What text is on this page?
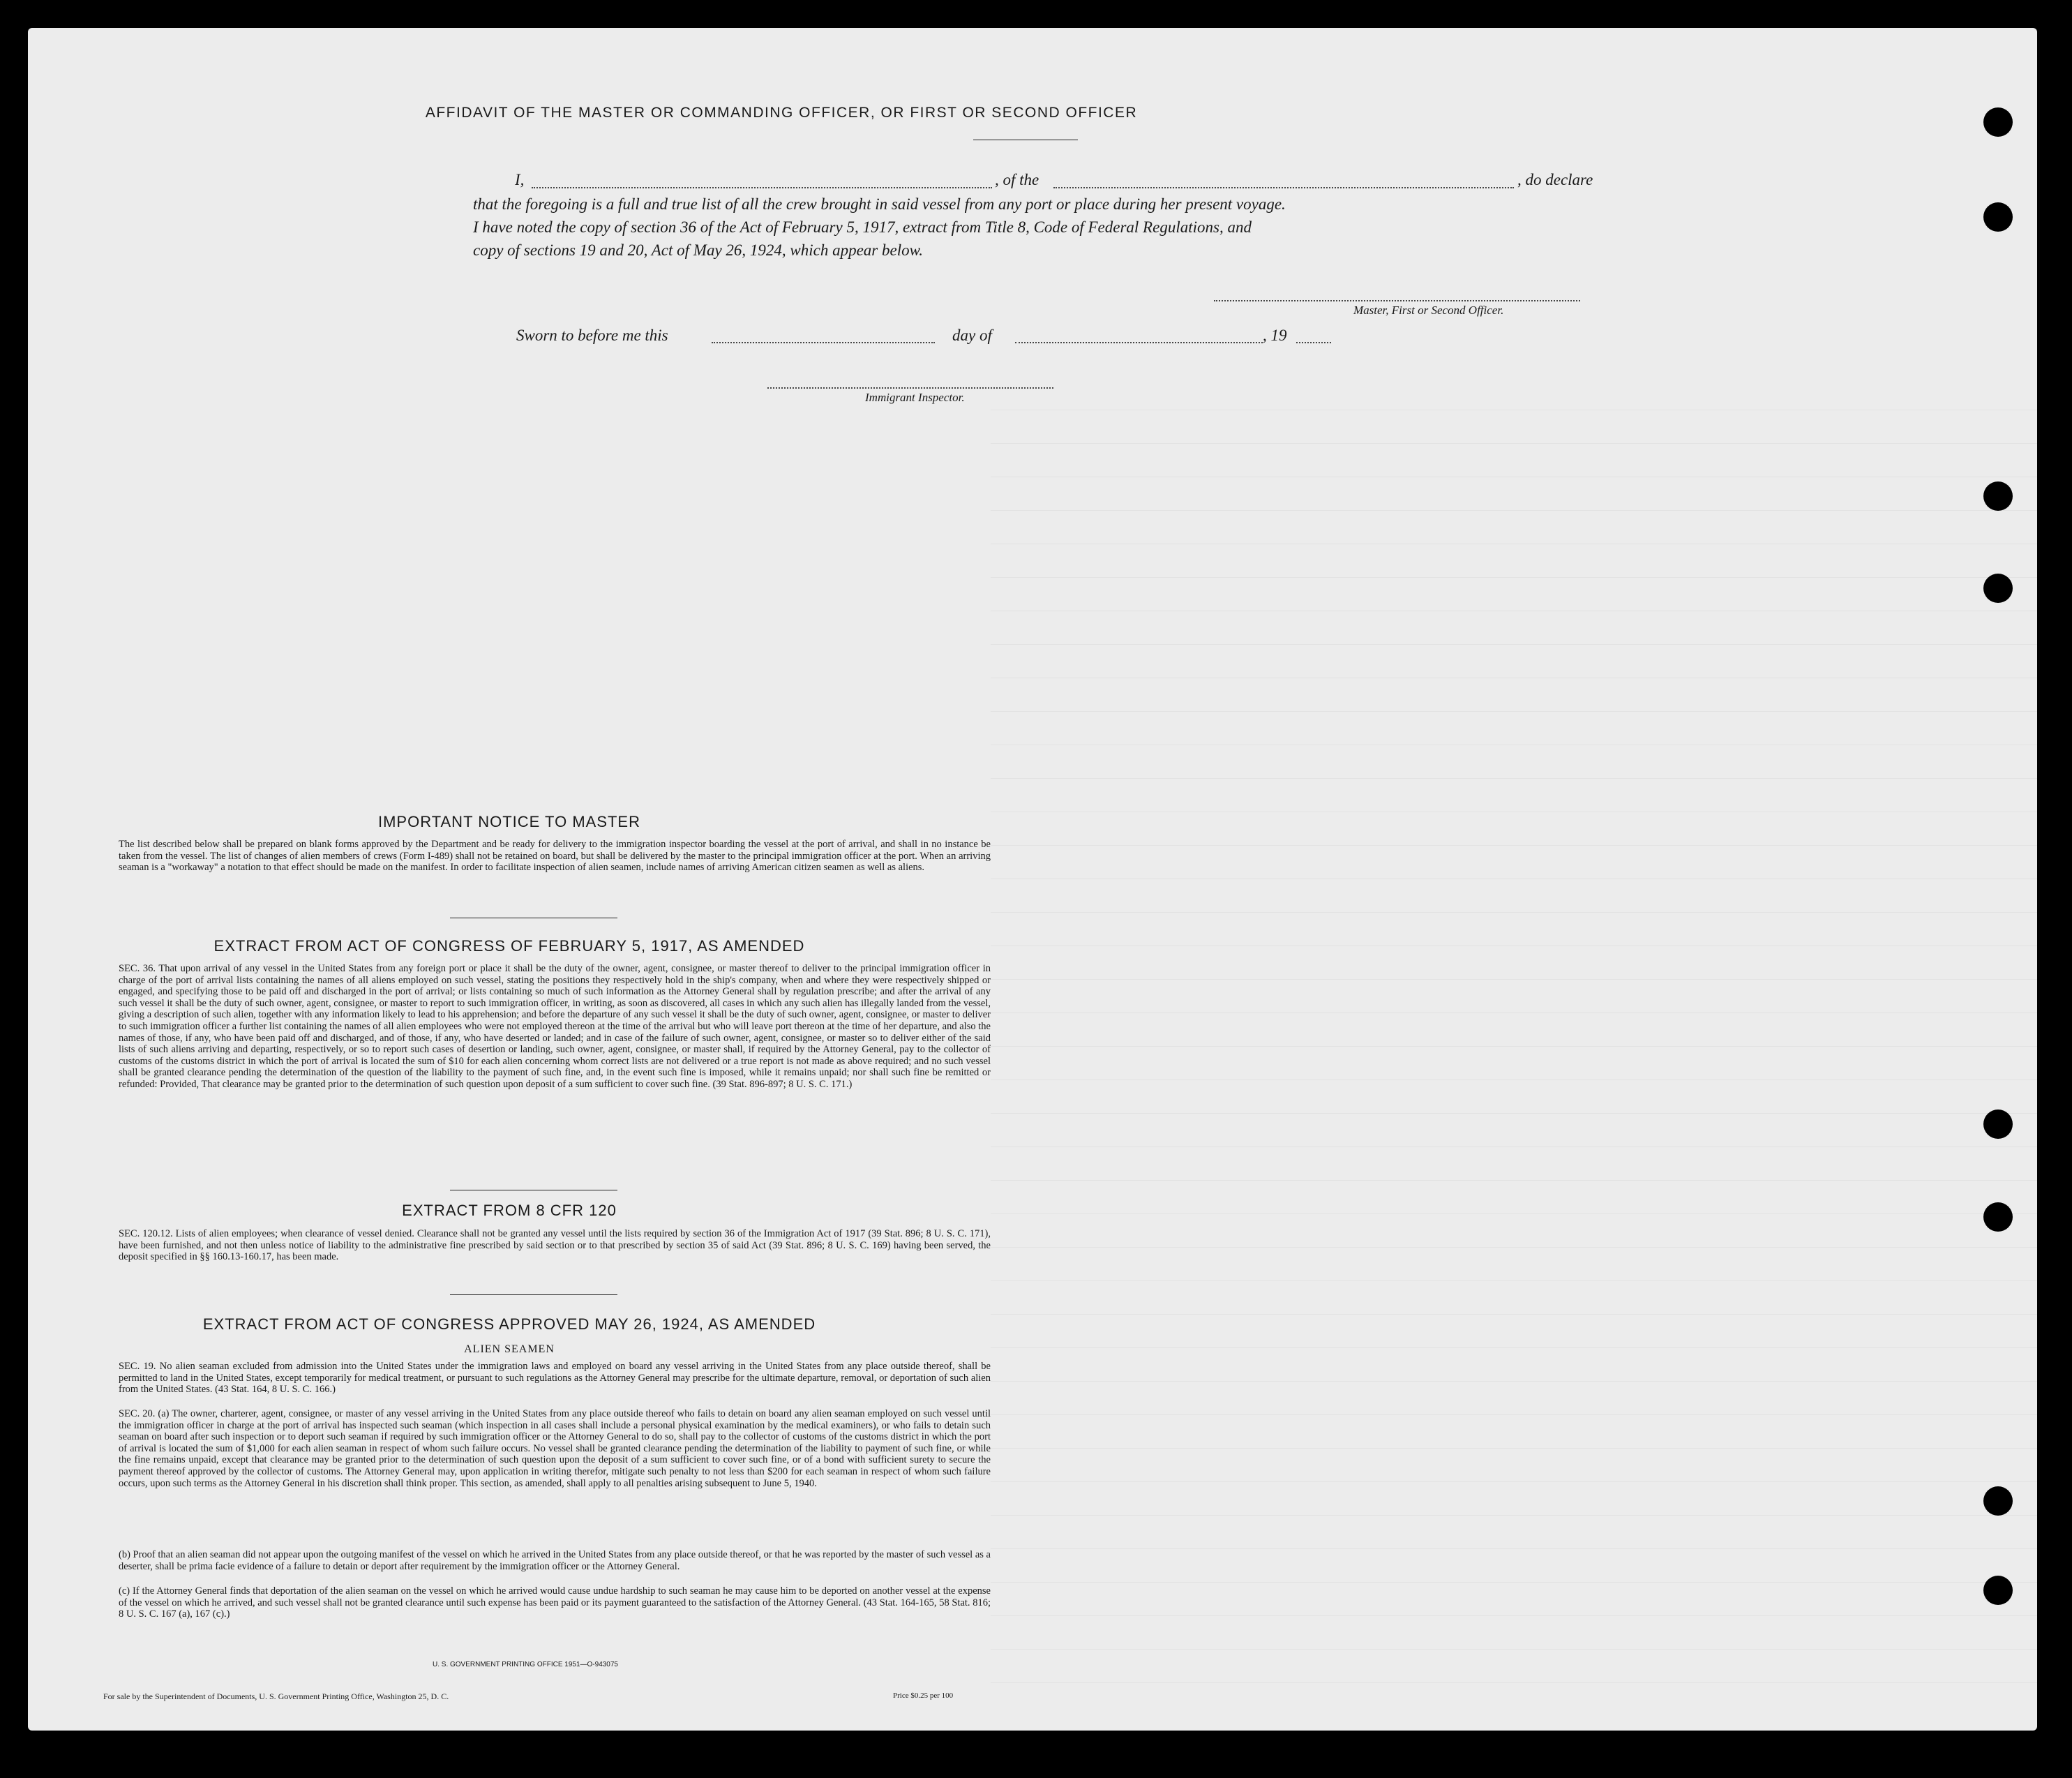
AFFIDAVIT OF THE MASTER OR COMMANDING OFFICER, OR FIRST OR SECOND OFFICER
I,	, of the	, do declare
that the foregoing is a full and true list of all the crew brought in said vessel from any port or place during her present voyage.
I have noted the copy of section 36 of the Act of February 5, 1917, extract from Title 8, Code of Federal Regulations, and
copy of sections 19 and 20, Act of May 26, 1924, which appear below.
Master, First or Second Officer.
Sworn to before me this	day of	, 19
Immigrant Inspector.
IMPORTANT NOTICE TO MASTER
The list described below shall be prepared on blank forms approved by the Department and be ready for delivery to the immigration inspector boarding the vessel at the port of arrival, and shall in no instance be taken from the vessel. The list of changes of alien members of crews (Form I-489) shall not be retained on board, but shall be delivered by the master to the principal immigration officer at the port. When an arriving seaman is a "workaway" a notation to that effect should be made on the manifest. In order to facilitate inspection of alien seamen, include names of arriving American citizen seamen as well as aliens.
EXTRACT FROM ACT OF CONGRESS OF FEBRUARY 5, 1917, AS AMENDED
SEC. 36. That upon arrival of any vessel in the United States from any foreign port or place it shall be the duty of the owner, agent, consignee, or master thereof to deliver to the principal immigration officer in charge of the port of arrival lists containing the names of all aliens employed on such vessel, stating the positions they respectively hold in the ship's company, when and where they were respectively shipped or engaged, and specifying those to be paid off and discharged in the port of arrival; or lists containing so much of such information as the Attorney General shall by regulation prescribe; and after the arrival of any such vessel it shall be the duty of such owner, agent, consignee, or master to report to such immigration officer, in writing, as soon as discovered, all cases in which any such alien has illegally landed from the vessel, giving a description of such alien, together with any information likely to lead to his apprehension; and before the departure of any such vessel it shall be the duty of such owner, agent, consignee, or master to deliver to such immigration officer a further list containing the names of all alien employees who were not employed thereon at the time of the arrival but who will leave port thereon at the time of her departure, and also the names of those, if any, who have been paid off and discharged, and of those, if any, who have deserted or landed; and in case of the failure of such owner, agent, consignee, or master so to deliver either of the said lists of such aliens arriving and departing, respectively, or so to report such cases of desertion or landing, such owner, agent, consignee, or master shall, if required by the Attorney General, pay to the collector of customs of the customs district in which the port of arrival is located the sum of $10 for each alien concerning whom correct lists are not delivered or a true report is not made as above required; and no such vessel shall be granted clearance pending the determination of the question of the liability to the payment of such fine, and, in the event such fine is imposed, while it remains unpaid; nor shall such fine be remitted or refunded: Provided, That clearance may be granted prior to the determination of such question upon deposit of a sum sufficient to cover such fine. (39 Stat. 896-897; 8 U. S. C. 171.)
EXTRACT FROM 8 CFR 120
SEC. 120.12. Lists of alien employees; when clearance of vessel denied. Clearance shall not be granted any vessel until the lists required by section 36 of the Immigration Act of 1917 (39 Stat. 896; 8 U. S. C. 171), have been furnished, and not then unless notice of liability to the administrative fine prescribed by said section or to that prescribed by section 35 of said Act (39 Stat. 896; 8 U. S. C. 169) having been served, the deposit specified in §§ 160.13-160.17, has been made.
EXTRACT FROM ACT OF CONGRESS APPROVED MAY 26, 1924, AS AMENDED
ALIEN SEAMEN
SEC. 19. No alien seaman excluded from admission into the United States under the immigration laws and employed on board any vessel arriving in the United States from any place outside thereof, shall be permitted to land in the United States, except temporarily for medical treatment, or pursuant to such regulations as the Attorney General may prescribe for the ultimate departure, removal, or deportation of such alien from the United States. (43 Stat. 164, 8 U. S. C. 166.)
SEC. 20. (a) The owner, charterer, agent, consignee, or master of any vessel arriving in the United States from any place outside thereof who fails to detain on board any alien seaman employed on such vessel until the immigration officer in charge at the port of arrival has inspected such seaman (which inspection in all cases shall include a personal physical examination by the medical examiners), or who fails to detain such seaman on board after such inspection or to deport such seaman if required by such immigration officer or the Attorney General to do so, shall pay to the collector of customs of the customs district in which the port of arrival is located the sum of $1,000 for each alien seaman in respect of whom such failure occurs. No vessel shall be granted clearance pending the determination of the liability to payment of such fine, or while the fine remains unpaid, except that clearance may be granted prior to the determination of such question upon the deposit of a sum sufficient to cover such fine, or of a bond with sufficient surety to secure the payment thereof approved by the collector of customs. The Attorney General may, upon application in writing therefor, mitigate such penalty to not less than $200 for each seaman in respect of whom such failure occurs, upon such terms as the Attorney General in his discretion shall think proper. This section, as amended, shall apply to all penalties arising subsequent to June 5, 1940.
(b) Proof that an alien seaman did not appear upon the outgoing manifest of the vessel on which he arrived in the United States from any place outside thereof, or that he was reported by the master of such vessel as a deserter, shall be prima facie evidence of a failure to detain or deport after requirement by the immigration officer or the Attorney General.
(c) If the Attorney General finds that deportation of the alien seaman on the vessel on which he arrived would cause undue hardship to such seaman he may cause him to be deported on another vessel at the expense of the vessel on which he arrived, and such vessel shall not be granted clearance until such expense has been paid or its payment guaranteed to the satisfaction of the Attorney General. (43 Stat. 164-165, 58 Stat. 816; 8 U. S. C. 167 (a), 167 (c).)
U. S. GOVERNMENT PRINTING OFFICE 1951—O-943075
For sale by the Superintendent of Documents, U. S. Government Printing Office, Washington 25, D. C.	Price $0.25 per 100
